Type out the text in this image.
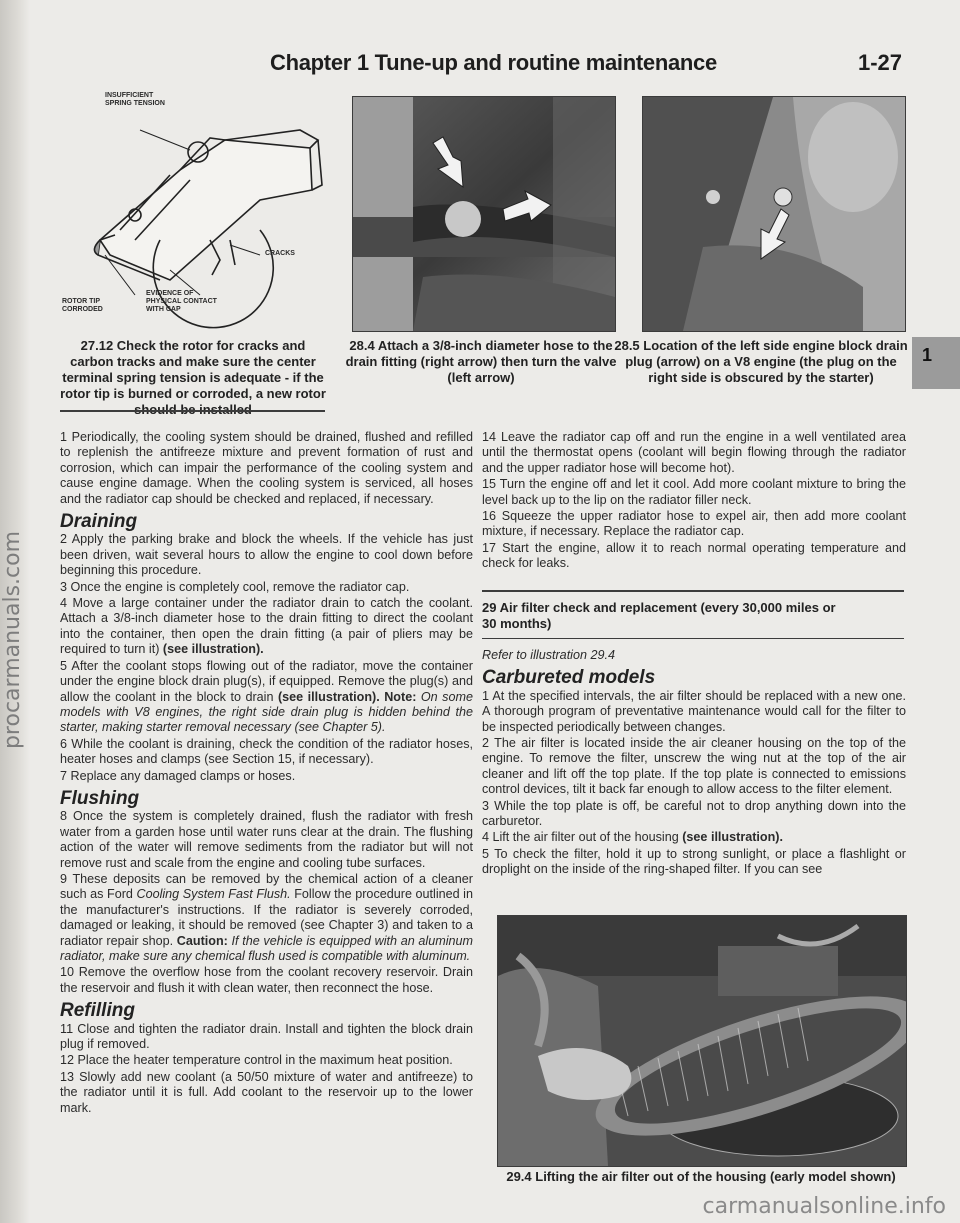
procarmanuals.com
Chapter 1 Tune-up and routine maintenance	1-27
1
INSUFFICIENT SPRING TENSION
CRACKS
ROTOR TIP CORRODED
EVIDENCE OF PHYSICAL CONTACT WITH CAP
27.12 Check the rotor for cracks and carbon tracks and make sure the center terminal spring tension is adequate - if the rotor tip is burned or corroded, a new rotor
28.4 Attach a 3/8-inch diameter hose to the drain fitting (right arrow) then turn the valve (left arrow)
28.5 Location of the left side engine block drain plug (arrow) on a V8 engine (the plug on the right side is obscured by the starter)

1 Periodically, the cooling system should be drained, flushed and refilled to replenish the antifreeze mixture and prevent formation of rust and corrosion, which can impair the performance of the cooling system and cause engine damage. When the cooling system is serviced, all hoses and the radiator cap should be checked and replaced, if necessary.

Draining

2 Apply the parking brake and block the wheels. If the vehicle has just been driven, wait several hours to allow the engine to cool down before beginning this procedure.

3 Once the engine is completely cool, remove the radiator cap.

4 Move a large container under the radiator drain to catch the coolant. Attach a 3/8-inch diameter hose to the drain fitting to direct the coolant into the container, then open the drain fitting (a pair of pliers may be required to turn it) (see illustration).

5 After the coolant stops flowing out of the radiator, move the container under the engine block drain plug(s), if equipped. Remove the plug(s) and allow the coolant in the block to drain (see illustration). Note: On some models with V8 engines, the right side drain plug is hidden behind the starter, making starter removal necessary (see Chapter 5).

6 While the coolant is draining, check the condition of the radiator hoses, heater hoses and clamps (see Section 15, if necessary).

7 Replace any damaged clamps or hoses.

Flushing

8 Once the system is completely drained, flush the radiator with fresh water from a garden hose until water runs clear at the drain. The flushing action of the water will remove sediments from the radiator but will not remove rust and scale from the engine and cooling tube surfaces.

9 These deposits can be removed by the chemical action of a cleaner such as Ford Cooling System Fast Flush. Follow the procedure outlined in the manufacturer's instructions. If the radiator is severely corroded, damaged or leaking, it should be removed (see Chapter 3) and taken to a radiator repair shop. Caution: If the vehicle is equipped with an aluminum radiator, make sure any chemical flush used is compatible with aluminum.

10 Remove the overflow hose from the coolant recovery reservoir. Drain the reservoir and flush it with clean water, then reconnect the hose.

Refilling

11 Close and tighten the radiator drain. Install and tighten the block drain plug if removed.

12 Place the heater temperature control in the maximum heat position.

13 Slowly add new coolant (a 50/50 mixture of water and antifreeze) to the radiator until it is full. Add coolant to the reservoir up to the lower mark.

14 Leave the radiator cap off and run the engine in a well ventilated area until the thermostat opens (coolant will begin flowing through the radiator and the upper radiator hose will become hot).

15 Turn the engine off and let it cool. Add more coolant mixture to bring the level back up to the lip on the radiator filler neck.

16 Squeeze the upper radiator hose to expel air, then add more coolant mixture, if necessary. Replace the radiator cap.

17 Start the engine, allow it to reach normal operating temperature and check for leaks.

29 Air filter check and replacement (every 30,000 miles or 30 months)

Refer to illustration 29.4

Carbureted models

1 At the specified intervals, the air filter should be replaced with a new one. A thorough program of preventative maintenance would call for the filter to be inspected periodically between changes.

2 The air filter is located inside the air cleaner housing on the top of the engine. To remove the filter, unscrew the wing nut at the top of the air cleaner and lift off the top plate. If the top plate is connected to emissions control devices, tilt it back far enough to allow access to the filter element.

3 While the top plate is off, be careful not to drop anything down into the carburetor.

4 Lift the air filter out of the housing (see illustration).

5 To check the filter, hold it up to strong sunlight, or place a flashlight or droplight on the inside of the ring-shaped filter. If you can see

29.4 Lifting the air filter out of the housing (early model shown)
carmanualsonline.info
